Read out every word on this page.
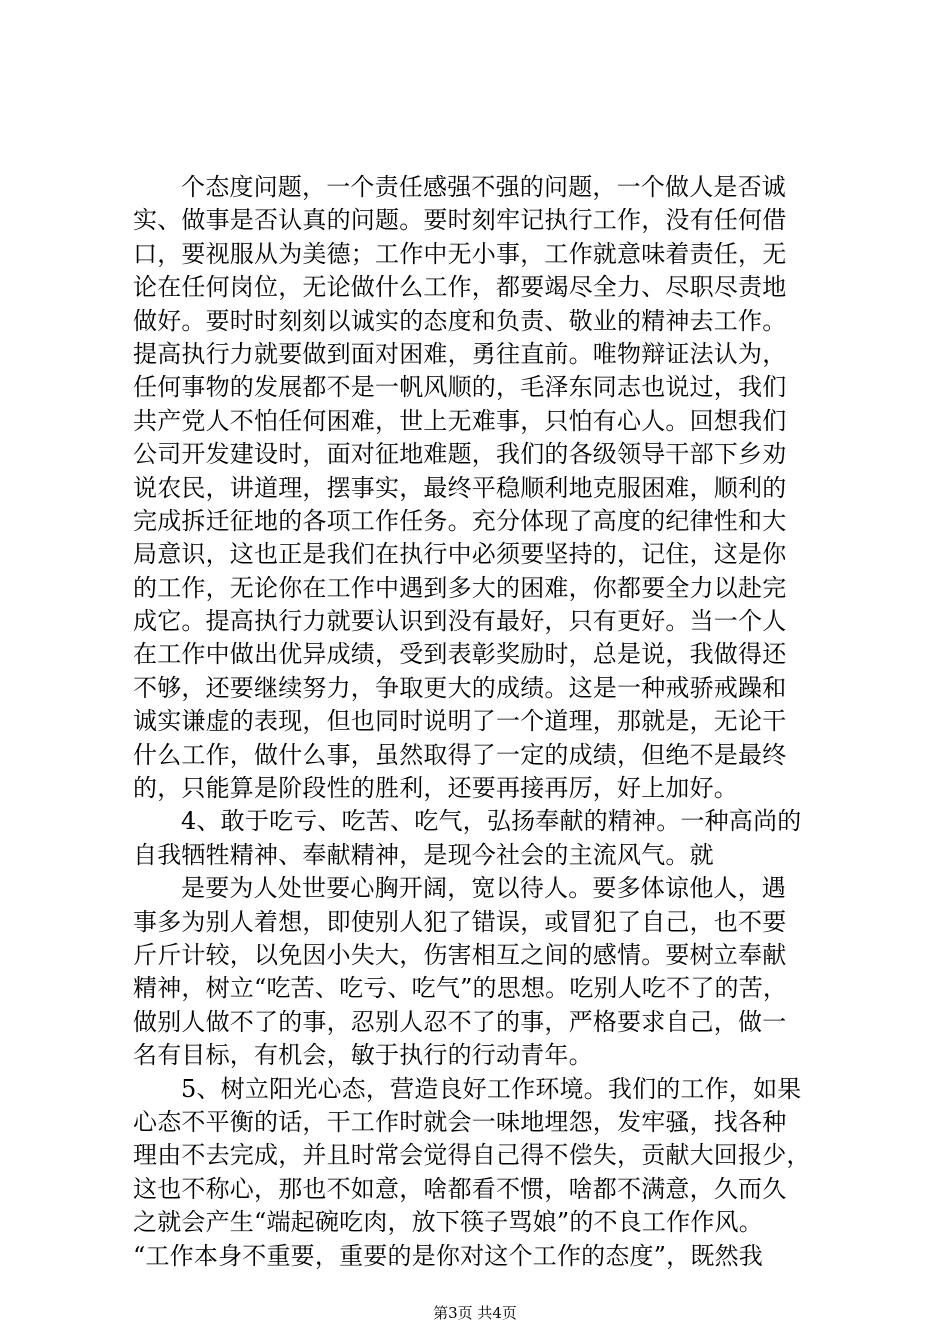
个态度问题，一个责任感强不强的问题，一个做人是否诚
实、做事是否认真的问题。要时刻牢记执行工作，没有任何借
口，要视服从为美德；工作中无小事，工作就意味着责任，无
论在任何岗位，无论做什么工作，都要竭尽全力、尽职尽责地
做好。要时时刻刻以诚实的态度和负责、敬业的精神去工作。
提高执行力就要做到面对困难，勇往直前。唯物辩证法认为，
任何事物的发展都不是一帆风顺的，毛泽东同志也说过，我们
共产党人不怕任何困难，世上无难事，只怕有心人。回想我们
公司开发建设时，面对征地难题，我们的各级领导干部下乡劝
说农民，讲道理，摆事实，最终平稳顺利地克服困难，顺利的
完成拆迁征地的各项工作任务。充分体现了高度的纪律性和大
局意识，这也正是我们在执行中必须要坚持的，记住，这是你
的工作，无论你在工作中遇到多大的困难，你都要全力以赴完
成它。提高执行力就要认识到没有最好，只有更好。当一个人
在工作中做出优异成绩，受到表彰奖励时，总是说，我做得还
不够，还要继续努力，争取更大的成绩。这是一种戒骄戒躁和
诚实谦虚的表现，但也同时说明了一个道理，那就是，无论干
什么工作，做什么事，虽然取得了一定的成绩，但绝不是最终
的，只能算是阶段性的胜利，还要再接再厉，好上加好。
4、敢于吃亏、吃苦、吃气，弘扬奉献的精神。一种高尚的
自我牺牲精神、奉献精神，是现今社会的主流风气。就
是要为人处世要心胸开阔，宽以待人。要多体谅他人，遇
事多为别人着想，即使别人犯了错误，或冒犯了自己，也不要
斤斤计较，以免因小失大，伤害相互之间的感情。要树立奉献
精神，树立“吃苦、吃亏、吃气”的思想。吃别人吃不了的苦，
做别人做不了的事，忍别人忍不了的事，严格要求自己，做一
名有目标，有机会，敏于执行的行动青年。
5、树立阳光心态，营造良好工作环境。我们的工作，如果
心态不平衡的话，干工作时就会一味地埋怨，发牢骚，找各种
理由不去完成，并且时常会觉得自己得不偿失，贡献大回报少，
这也不称心，那也不如意，啥都看不惯，啥都不满意，久而久
之就会产生“端起碗吃肉，放下筷子骂娘”的不良工作作风。
“工作本身不重要，重要的是你对这个工作的态度”，既然我
第3页 共4页
